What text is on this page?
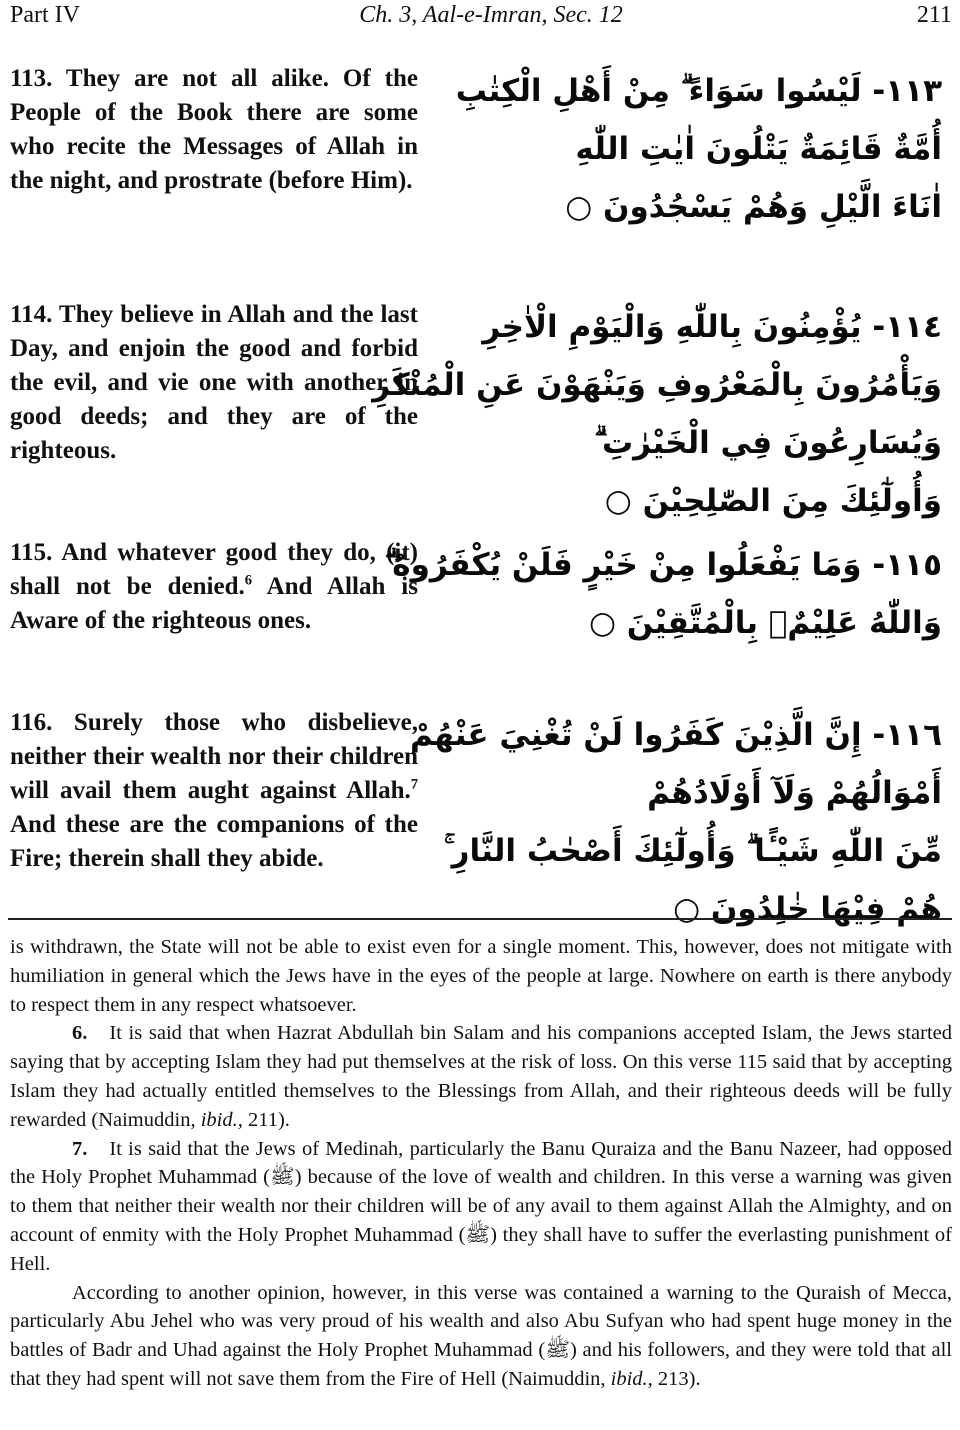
Part IV	Ch. 3, Aal-e-Imran, Sec. 12	211
113. They are not all alike. Of the People of the Book there are some who recite the Messages of Allah in the night, and prostrate (before Him).
١١٣- لَيْسُوا سَوَاءً ۗ مِنْ أَهْلِ الْكِتٰبِ
أُمَّةٌ قَائِمَةٌ يَتْلُونَ اٰيٰتِ اللّٰهِ
اٰنَاءَ الَّيْلِ وَهُمْ يَسْجُدُونَ ○
114. They believe in Allah and the last Day, and enjoin the good and forbid the evil, and vie one with another in good deeds; and they are of the righteous.
١١٤- يُؤْمِنُونَ بِاللّٰهِ وَالْيَوْمِ الْاٰخِرِ
وَيَأْمُرُونَ بِالْمَعْرُوفِ وَيَنْهَوْنَ عَنِ الْمُنْكَرِ
وَيُسَارِعُونَ فِي الْخَيْرٰتِ ۗ
وَأُولٰٓئِكَ مِنَ الصّٰلِحِيْنَ ○
115. And whatever good they do, (it) shall not be denied.$^6$ And Allah is Aware of the righteous ones.
١١٥- وَمَا يَفْعَلُوا مِنْ خَيْرٍ فَلَنْ يُكْفَرُوهُ ۗ
وَاللّٰهُ عَلِيْمٌۢ بِالْمُتَّقِيْنَ ○
116. Surely those who disbelieve, neither their wealth nor their children will avail them aught against Allah.$^7$ And these are the companions of the Fire; therein shall they abide.
١١٦- إِنَّ الَّذِيْنَ كَفَرُوا لَنْ تُغْنِيَ عَنْهُمْ
أَمْوَالُهُمْ وَلَآ أَوْلَادُهُمْ
مِّنَ اللّٰهِ شَيْـًٔا ۗ وَأُولٰٓئِكَ أَصْحٰبُ النَّارِ ۚ
هُمْ فِيْهَا خٰلِدُونَ ○

is withdrawn, the State will not be able to exist even for a single moment. This, however, does not mitigate with humiliation in general which the Jews have in the eyes of the people at large. Nowhere on earth is there anybody to respect them in any respect whatsoever.

6. It is said that when Hazrat Abdullah bin Salam and his companions accepted Islam, the Jews started saying that by accepting Islam they had put themselves at the risk of loss. On this verse 115 said that by accepting Islam they had actually entitled themselves to the Blessings from Allah, and their righteous deeds will be fully rewarded (Naimuddin, ibid., 211).

7. It is said that the Jews of Medinah, particularly the Banu Quraiza and the Banu Nazeer, had opposed the Holy Prophet Muhammad (ﷺ) because of the love of wealth and children. In this verse a warning was given to them that neither their wealth nor their children will be of any avail to them against Allah the Almighty, and on account of enmity with the Holy Prophet Muhammad (ﷺ) they shall have to suffer the everlasting punishment of Hell.

According to another opinion, however, in this verse was contained a warning to the Quraish of Mecca, particularly Abu Jehel who was very proud of his wealth and also Abu Sufyan who had spent huge money in the battles of Badr and Uhad against the Holy Prophet Muhammad (ﷺ) and his followers, and they were told that all that they had spent will not save them from the Fire of Hell (Naimuddin, ibid., 213).
